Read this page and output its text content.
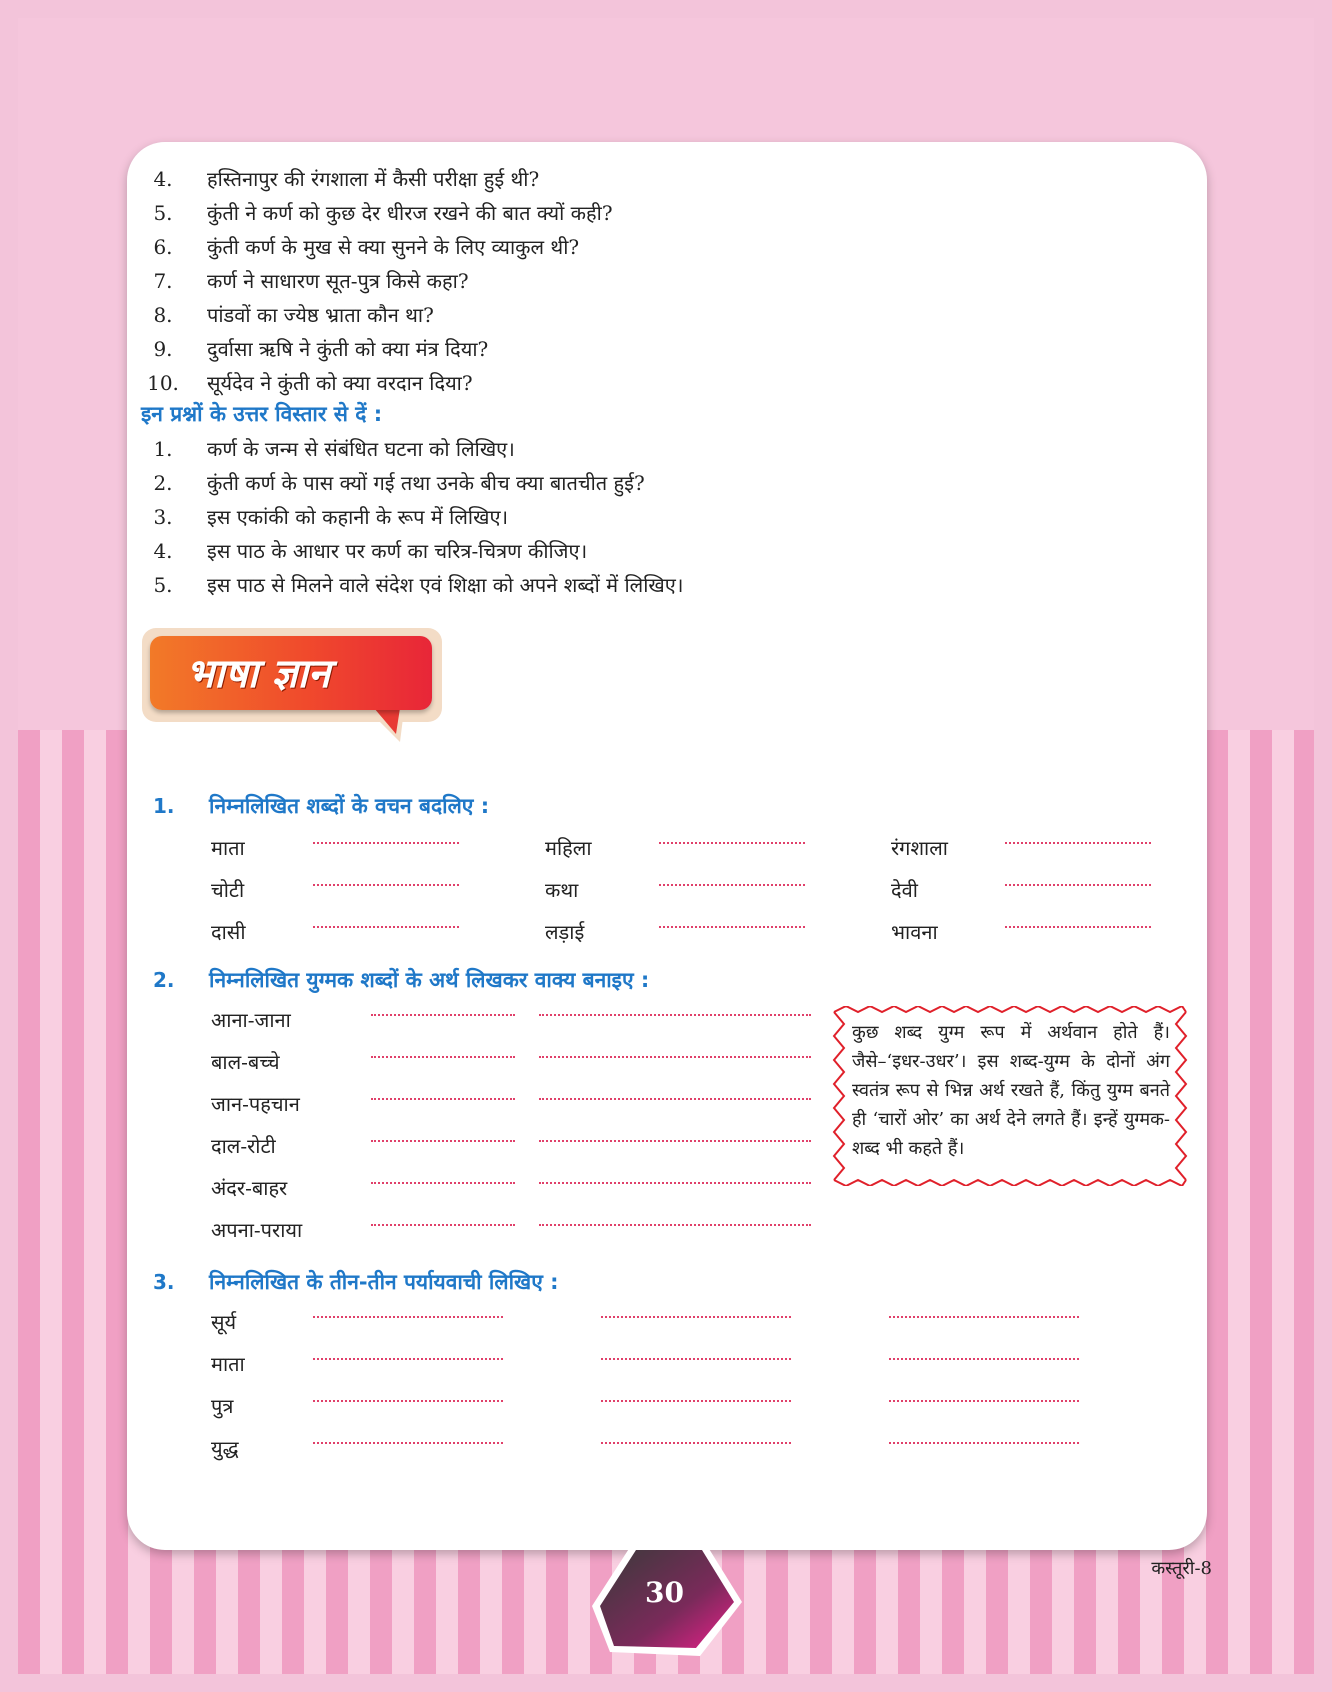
4.	हस्तिनापुर की रंगशाला में कैसी परीक्षा हुई थी?
5.	कुंती ने कर्ण को कुछ देर धीरज रखने की बात क्यों कही?
6.	कुंती कर्ण के मुख से क्या सुनने के लिए व्याकुल थी?
7.	कर्ण ने साधारण सूत-पुत्र किसे कहा?
8.	पांडवों का ज्येष्ठ भ्राता कौन था?
9.	दुर्वासा ऋषि ने कुंती को क्या मंत्र दिया?
10.	सूर्यदेव ने कुंती को क्या वरदान दिया?
इन प्रश्नों के उत्तर विस्तार से दें :
1.	कर्ण के जन्म से संबंधित घटना को लिखिए।
2.	कुंती कर्ण के पास क्यों गई तथा उनके बीच क्या बातचीत हुई?
3.	इस एकांकी को कहानी के रूप में लिखिए।
4.	इस पाठ के आधार पर कर्ण का चरित्र-चित्रण कीजिए।
5.	इस पाठ से मिलने वाले संदेश एवं शिक्षा को अपने शब्दों में लिखिए।
1. निम्नलिखित शब्दों के वचन बदलिए :
माता	महिला	रंगशाला
चोटी	कथा	देवी
दासी	लड़ाई	भावना
2. निम्नलिखित युग्मक शब्दों के अर्थ लिखकर वाक्य बनाइए :
आना-जाना
बाल-बच्चे
जान-पहचान
दाल-रोटी
अंदर-बाहर
अपना-पराया
3. निम्नलिखित के तीन-तीन पर्यायवाची लिखिए :
सूर्य
माता
पुत्र
युद्ध
भाषा ज्ञान
कुछ शब्द युग्म रूप में अर्थवान होते हैं। जैसे–‘इधर-उधर’। इस शब्द-युग्म के दोनों अंग स्वतंत्र रूप से भिन्न अर्थ रखते हैं, किंतु युग्म बनते ही ‘चारों ओर’ का अर्थ देने लगते हैं। इन्हें युग्मक-शब्द भी कहते हैं।
30
कस्तूरी-8
